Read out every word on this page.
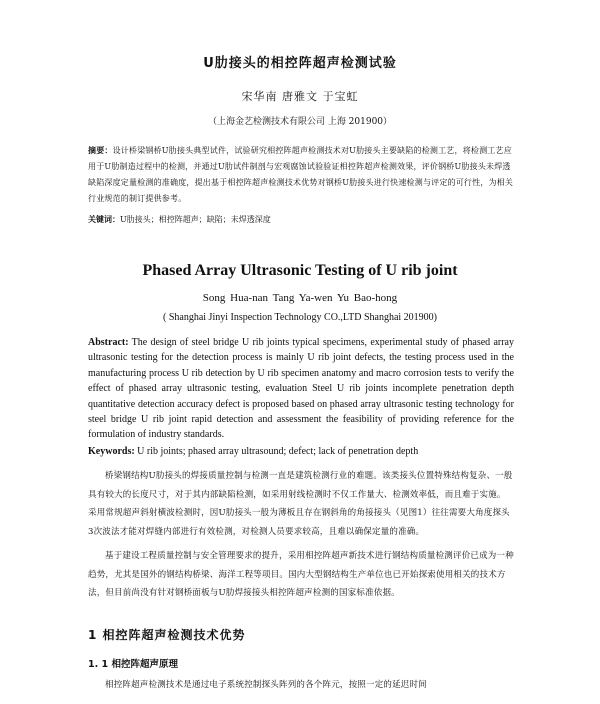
U肋接头的相控阵超声检测试验
宋华南 唐雅文 于宝虹
（上海金艺检测技术有限公司 上海 201900）

摘要：设计桥梁钢桥U肋接头典型试件，试验研究相控阵超声检测技术对U肋接头主要缺陷的检测工艺，将检测工艺应用于U肋制造过程中的检测，并通过U肋试件制剖与宏观腐蚀试验验证相控阵超声检测效果，评价钢桥U肋接头未焊透缺陷深度定量检测的准确度，提出基于相控阵超声检测技术优势对钢桥U肋接头进行快速检测与评定的可行性，为相关行业规范的制订提供参考。

关键词：U肋接头；相控阵超声；缺陷；未焊透深度

Phased Array Ultrasonic Testing of U rib joint
Song Hua-nan Tang Ya-wen Yu Bao-hong
( Shanghai Jinyi Inspection Technology CO.,LTD Shanghai 201900)

Abstract: The design of steel bridge U rib joints typical specimens, experimental study of phased array ultrasonic testing for the detection process is mainly U rib joint defects, the testing process used in the manufacturing process U rib detection by U rib specimen anatomy and macro corrosion tests to verify the effect of phased array ultrasonic testing, evaluation Steel U rib joints incomplete penetration depth quantitative detection accuracy defect is proposed based on phased array ultrasonic testing technology for steel bridge U rib joint rapid detection and assessment the feasibility of providing reference for the formulation of industry standards.

Keywords: U rib joints; phased array ultrasound; defect; lack of penetration depth

桥梁钢结构U肋接头的焊接质量控制与检测一直是建筑检测行业的难题。该类接头位置特殊结构复杂、一般具有较大的长度尺寸，对于其内部缺陷检测，如采用射线检测时不仅工作量大、检测效率低，而且难于实施。采用常规超声斜射横波检测时，因U肋接头一般为薄板且存在钢斜角的角接接头（见图1）往往需要大角度探头3次波法才能对焊缝内部进行有效检测，对检测人员要求较高，且难以确保定量的准确。

基于建设工程质量控制与安全管理要求的提升，采用相控阵超声新技术进行钢结构质量检测评价已成为一种趋势，尤其是国外的钢结构桥梁、海洋工程等项目。国内大型钢结构生产单位也已开始探索使用相关的技术方法，但目前尚没有针对钢桥面板与U肋焊接接头相控阵超声检测的国家标准依据。

1 相控阵超声检测技术优势
1. 1 相控阵超声原理

相控阵超声检测技术是通过电子系统控制探头阵列的各个阵元，按照一定的延迟时间
